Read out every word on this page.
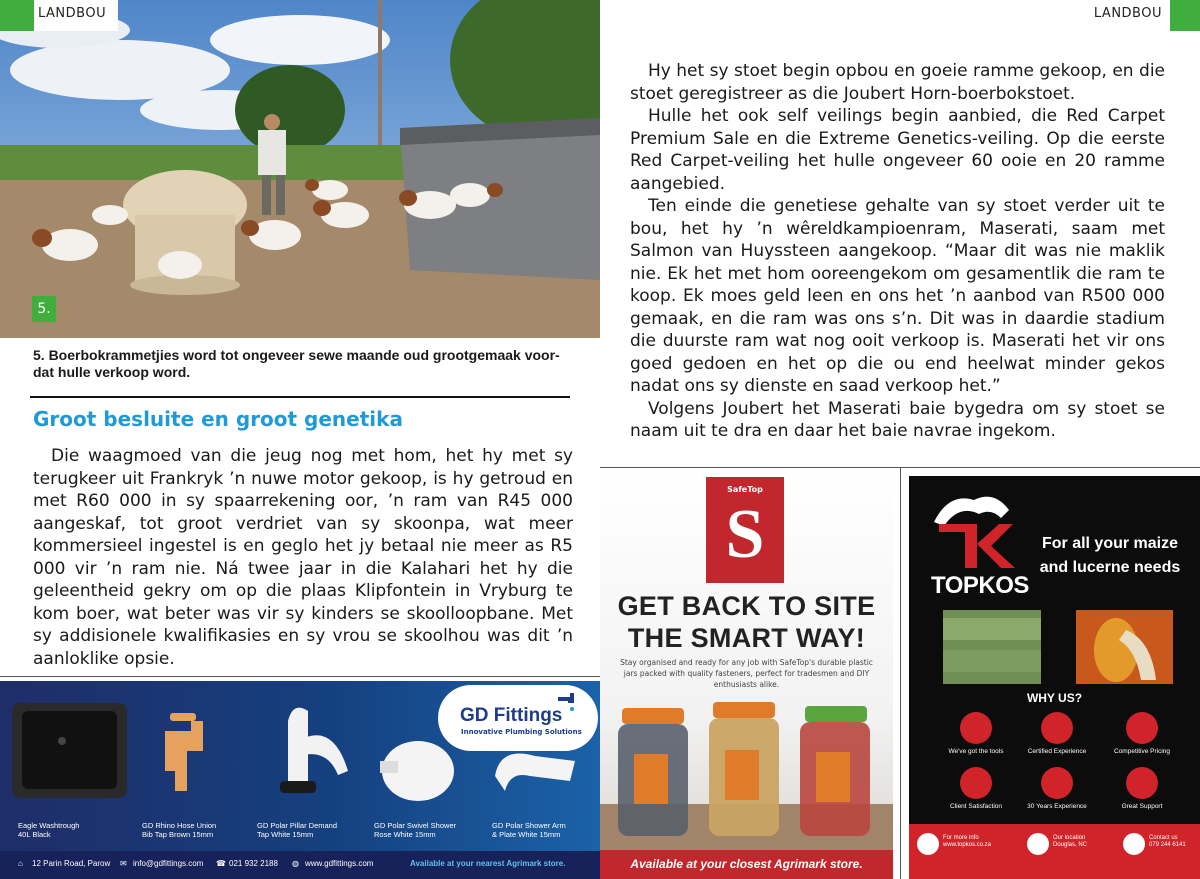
5.
LANDBOU	LANDBOU
5. Boerbokrammetjies word tot ongeveer sewe maande oud grootgemaak voor-dat hulle verkoop word.
Groot besluite en groot genetika

Die waagmoed van die jeug nog met hom, het hy met sy terugkeer uit Frankryk ’n nuwe motor gekoop, is hy getroud en met R60 000 in sy spaarrekening oor, ’n ram van R45 000 aangeskaf, tot groot verdriet van sy skoonpa, wat meer kommersieel ingestel is en geglo het jy betaal nie meer as R5 000 vir ’n ram nie. Ná twee jaar in die Kalahari het hy die geleentheid gekry om op die plaas Klipfontein in Vryburg te kom boer, wat beter was vir sy kinders se skoolloopbane. Met sy addisionele kwalifikasies en sy vrou se skoolhou was dit ’n aanloklike opsie.

Hy het sy stoet begin opbou en goeie ramme gekoop, en die stoet geregistreer as die Joubert Horn-boerbokstoet.

Hulle het ook self veilings begin aanbied, die Red Carpet Premium Sale en die Extreme Genetics-veiling. Op die eerste Red Carpet-veiling het hulle ongeveer 60 ooie en 20 ramme aangebied.

Ten einde die genetiese gehalte van sy stoet verder uit te bou, het hy ’n wêreldkampioenram, Maserati, saam met Salmon van Huyssteen aangekoop. “Maar dit was nie maklik nie. Ek het met hom ooreengekom om gesamentlik die ram te koop. Ek moes geld leen en ons het ’n aanbod van R500 000 gemaak, en die ram was ons s’n. Dit was in daardie stadium die duurste ram wat nog ooit verkoop is. Maserati het vir ons goed gedoen en het op die ou end heelwat minder gekos nadat ons sy dienste en saad verkoop het.”

Volgens Joubert het Maserati baie bygedra om sy stoet se naam uit te dra en daar het baie navrae ingekom.

GD Fittings
Innovative Plumbing Solutions
Eagle Washtrough
40L Black
GD Rhino Hose Union
Bib Tap Brown 15mm
GD Polar Pillar Demand
Tap White 15mm
GD Polar Swivel Shower
Rose White 15mm
GD Polar Shower Arm
& Plate White 15mm
⌂ 12 Parin Road, Parow ✉ info@gdfittings.com ☎ 021 932 2188 ◍ www.gdfittings.com	Available at your nearest Agrimark store.
SafeTop
S
GET BACK TO SITE
THE SMART WAY!
Stay organised and ready for any job with SafeTop's durable plastic jars packed with quality fasteners, perfect for tradesmen and DIY enthusiasts alike.
Available at your closest Agrimark store.
TOPKOS
For all your maize and lucerne needs
WHY US?
We've got the tools	Certified Experience	Competitive Pricing
Client Satisfaction	30 Years Experience	Great Support
For more info
www.topkos.co.za
Our location
Douglas, NC
Contact us
079 244 6141
